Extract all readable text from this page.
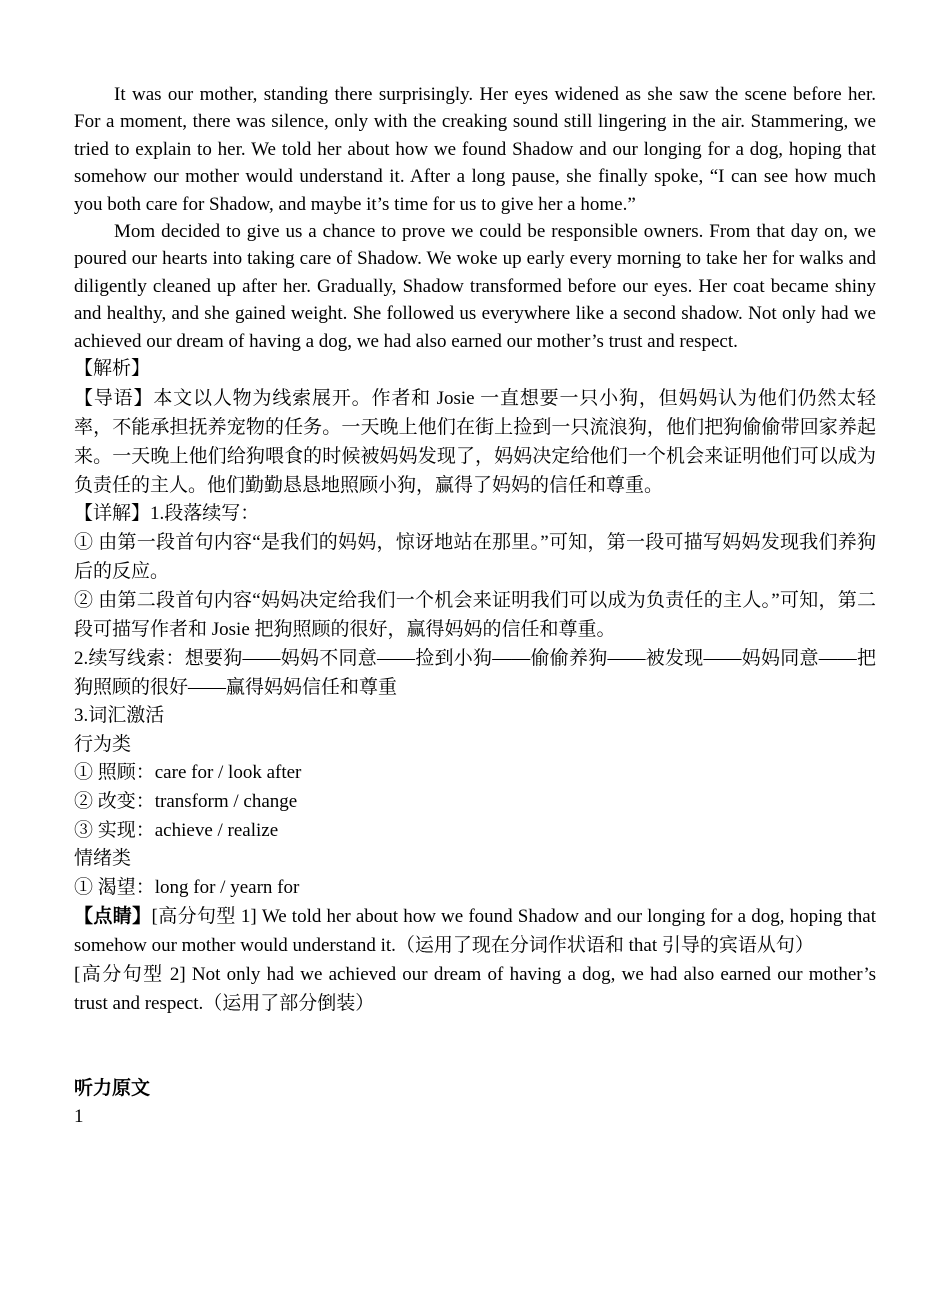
It was our mother, standing there surprisingly. Her eyes widened as she saw the scene before her. For a moment, there was silence, only with the creaking sound still lingering in the air. Stammering, we tried to explain to her. We told her about how we found Shadow and our longing for a dog, hoping that somehow our mother would understand it. After a long pause, she finally spoke, “I can see how much you both care for Shadow, and maybe it’s time for us to give her a home.”

Mom decided to give us a chance to prove we could be responsible owners. From that day on, we poured our hearts into taking care of Shadow. We woke up early every morning to take her for walks and diligently cleaned up after her. Gradually, Shadow transformed before our eyes. Her coat became shiny and healthy, and she gained weight. She followed us everywhere like a second shadow. Not only had we achieved our dream of having a dog, we had also earned our mother’s trust and respect.

【解析】

【导语】本文以人物为线索展开。作者和 Josie 一直想要一只小狗，但妈妈认为他们仍然太轻率，不能承担抚养宠物的任务。一天晚上他们在街上捡到一只流浪狗，他们把狗偷偷带回家养起来。一天晚上他们给狗喂食的时候被妈妈发现了，妈妈决定给他们一个机会来证明他们可以成为负责任的主人。他们勤勤恳恳地照顾小狗，赢得了妈妈的信任和尊重。

【详解】1.段落续写：

① 由第一段首句内容“是我们的妈妈，惊讶地站在那里。”可知，第一段可描写妈妈发现我们养狗后的反应。

② 由第二段首句内容“妈妈决定给我们一个机会来证明我们可以成为负责任的主人。”可知，第二段可描写作者和 Josie 把狗照顾的很好，赢得妈妈的信任和尊重。

2.续写线索：想要狗——妈妈不同意——捡到小狗——偷偷养狗——被发现——妈妈同意——把狗照顾的很好——赢得妈妈信任和尊重

3.词汇激活

行为类

① 照顾：care for / look after

② 改变：transform / change

③ 实现：achieve / realize

情绪类

① 渴望：long for / yearn for

【点睛】[高分句型 1] We told her about how we found Shadow and our longing for a dog, hoping that somehow our mother would understand it.（运用了现在分词作状语和 that 引导的宾语从句）

[高分句型 2] Not only had we achieved our dream of having a dog, we had also earned our mother’s trust and respect.（运用了部分倒装）

听力原文

1
